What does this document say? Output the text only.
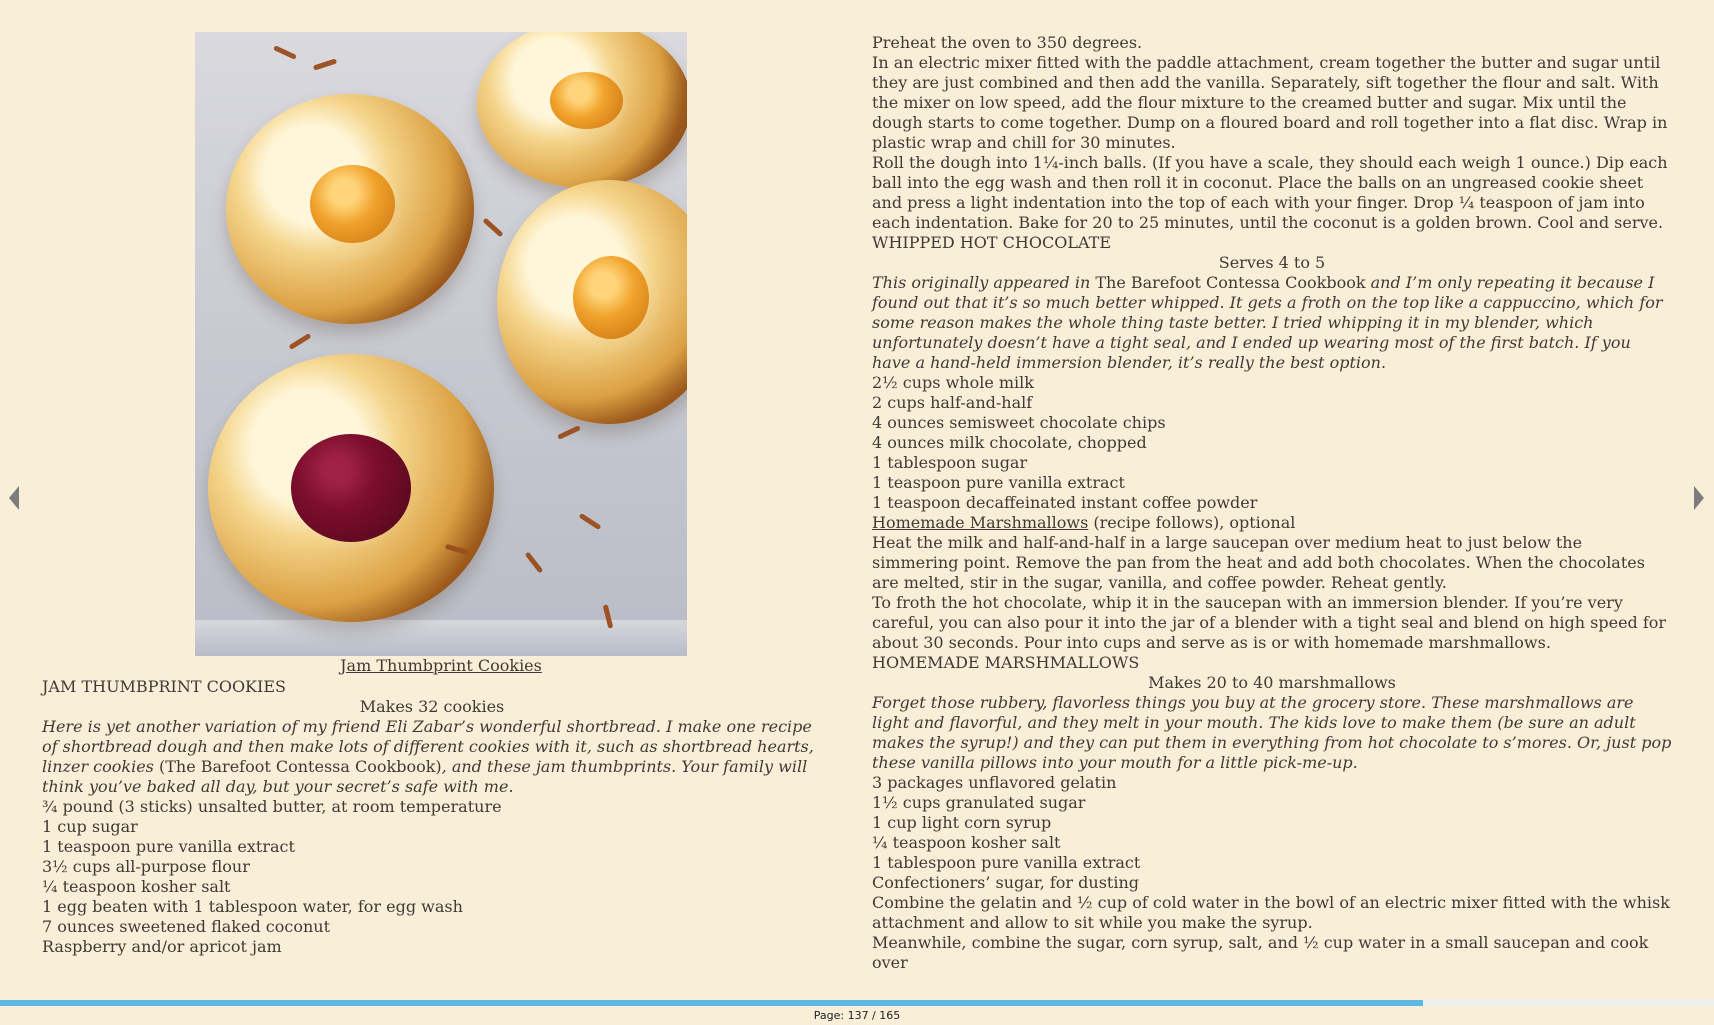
Jam Thumbprint Cookies
JAM THUMBPRINT COOKIES
Makes 32 cookies
Here is yet another variation of my friend Eli Zabar’s wonderful shortbread. I make one recipe of shortbread dough and then make lots of different cookies with it, such as shortbread hearts, linzer cookies (The Barefoot Contessa Cookbook), and these jam thumbprints. Your family will think you’ve baked all day, but your secret’s safe with me.
¾ pound (3 sticks) unsalted butter, at room temperature
1 cup sugar
1 teaspoon pure vanilla extract
3½ cups all-purpose flour
¼ teaspoon kosher salt
1 egg beaten with 1 tablespoon water, for egg wash
7 ounces sweetened flaked coconut
Raspberry and/or apricot jam
Preheat the oven to 350 degrees.
In an electric mixer fitted with the paddle attachment, cream together the butter and sugar until they are just combined and then add the vanilla. Separately, sift together the flour and salt. With the mixer on low speed, add the flour mixture to the creamed butter and sugar. Mix until the dough starts to come together. Dump on a floured board and roll together into a flat disc. Wrap in plastic wrap and chill for 30 minutes.
Roll the dough into 1¼-inch balls. (If you have a scale, they should each weigh 1 ounce.) Dip each ball into the egg wash and then roll it in coconut. Place the balls on an ungreased cookie sheet and press a light indentation into the top of each with your finger. Drop ¼ teaspoon of jam into each indentation. Bake for 20 to 25 minutes, until the coconut is a golden brown. Cool and serve.
WHIPPED HOT CHOCOLATE
Serves 4 to 5
This originally appeared in The Barefoot Contessa Cookbook and I’m only repeating it because I found out that it’s so much better whipped. It gets a froth on the top like a cappuccino, which for some reason makes the whole thing taste better. I tried whipping it in my blender, which unfortunately doesn’t have a tight seal, and I ended up wearing most of the first batch. If you have a hand-held immersion blender, it’s really the best option.
2½ cups whole milk
2 cups half-and-half
4 ounces semisweet chocolate chips
4 ounces milk chocolate, chopped
1 tablespoon sugar
1 teaspoon pure vanilla extract
1 teaspoon decaffeinated instant coffee powder
Homemade Marshmallows (recipe follows), optional
Heat the milk and half-and-half in a large saucepan over medium heat to just below the simmering point. Remove the pan from the heat and add both chocolates. When the chocolates are melted, stir in the sugar, vanilla, and coffee powder. Reheat gently.
To froth the hot chocolate, whip it in the saucepan with an immersion blender. If you’re very careful, you can also pour it into the jar of a blender with a tight seal and blend on high speed for about 30 seconds. Pour into cups and serve as is or with homemade marshmallows.
HOMEMADE MARSHMALLOWS
Makes 20 to 40 marshmallows
Forget those rubbery, flavorless things you buy at the grocery store. These marshmallows are light and flavorful, and they melt in your mouth. The kids love to make them (be sure an adult makes the syrup!) and they can put them in everything from hot chocolate to s’mores. Or, just pop these vanilla pillows into your mouth for a little pick-me-up.
3 packages unflavored gelatin
1½ cups granulated sugar
1 cup light corn syrup
¼ teaspoon kosher salt
1 tablespoon pure vanilla extract
Confectioners’ sugar, for dusting
Combine the gelatin and ½ cup of cold water in the bowl of an electric mixer fitted with the whisk attachment and allow to sit while you make the syrup.
Meanwhile, combine the sugar, corn syrup, salt, and ½ cup water in a small saucepan and cook over
Page: 137 / 165
